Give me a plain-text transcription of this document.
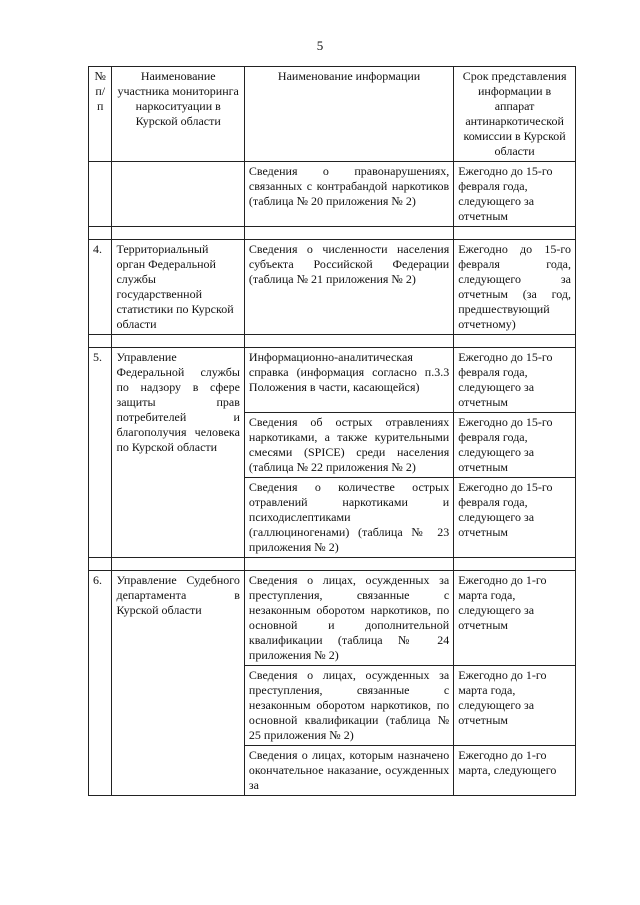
5
№ п/п	Наименование участника мониторинга наркоситуации в Курской области	Наименование информации	Срок представления информации в аппарат антинаркотической комиссии в Курской области
		Сведения о правонарушениях, связанных с контрабандой наркотиков (таблица № 20 приложения № 2)	Ежегодно до 15-го февраля года, следующего за отчетным

4.	Территориальный орган Федеральной службы государственной статистики по Курской области	Сведения о численности населения субъекта Российской Федерации (таблица № 21 приложения № 2)	Ежегодно до 15-го февраля года, следующего за отчетным (за год, предшествующий отчетному)

5.	Управление Федеральной службы по надзору в сфере защиты прав потребителей и благополучия человека по Курской области	Информационно-аналитическая справка (информация согласно п.3.3 Положения в части, касающейся)	Ежегодно до 15-го февраля года, следующего за отчетным
		Сведения об острых отравлениях наркотиками, а также курительными смесями (SPICE) среди населения (таблица № 22 приложения № 2)	Ежегодно до 15-го февраля года, следующего за отчетным
		Сведения о количестве острых отравлений наркотиками и психодислептиками (галлюциногенами) (таблица № 23 приложения № 2)	Ежегодно до 15-го февраля года, следующего за отчетным

6.	Управление Судебного департамента в Курской области	Сведения о лицах, осужденных за преступления, связанные с незаконным оборотом наркотиков, по основной и дополнительной квалификации (таблица № 24 приложения № 2)	Ежегодно до 1-го марта года, следующего за отчетным
		Сведения о лицах, осужденных за преступления, связанные с незаконным оборотом наркотиков, по основной квалификации (таблица № 25 приложения № 2)	Ежегодно до 1-го марта года, следующего за отчетным
		Сведения о лицах, которым назначено окончательное наказание, осужденных за	Ежегодно до 1-го марта, следующего
